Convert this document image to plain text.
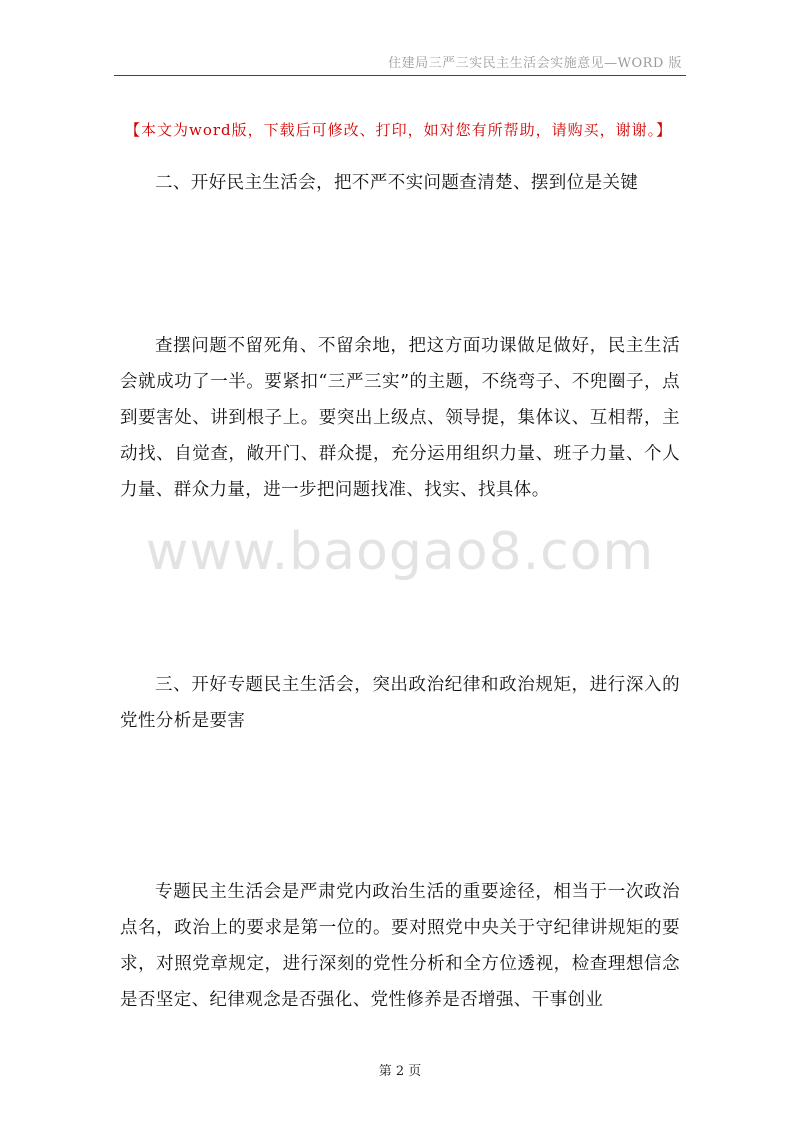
住建局三严三实民主生活会实施意见—WORD 版
【本文为word版，下载后可修改、打印，如对您有所帮助，请购买，谢谢。】

二、开好民主生活会，把不严不实问题查清楚、摆到位是关键

查摆问题不留死角、不留余地，把这方面功课做足做好，民主生活会就成功了一半。要紧扣“三严三实”的主题，不绕弯子、不兜圈子，点到要害处、讲到根子上。要突出上级点、领导提，集体议、互相帮，主动找、自觉查，敞开门、群众提，充分运用组织力量、班子力量、个人力量、群众力量，进一步把问题找准、找实、找具体。

www.baogao8.com

三、开好专题民主生活会，突出政治纪律和政治规矩，进行深入的党性分析是要害

专题民主生活会是严肃党内政治生活的重要途径，相当于一次政治点名，政治上的要求是第一位的。要对照党中央关于守纪律讲规矩的要求，对照党章规定，进行深刻的党性分析和全方位透视，检查理想信念是否坚定、纪律观念是否强化、党性修养是否增强、干事创业

第 2 页
